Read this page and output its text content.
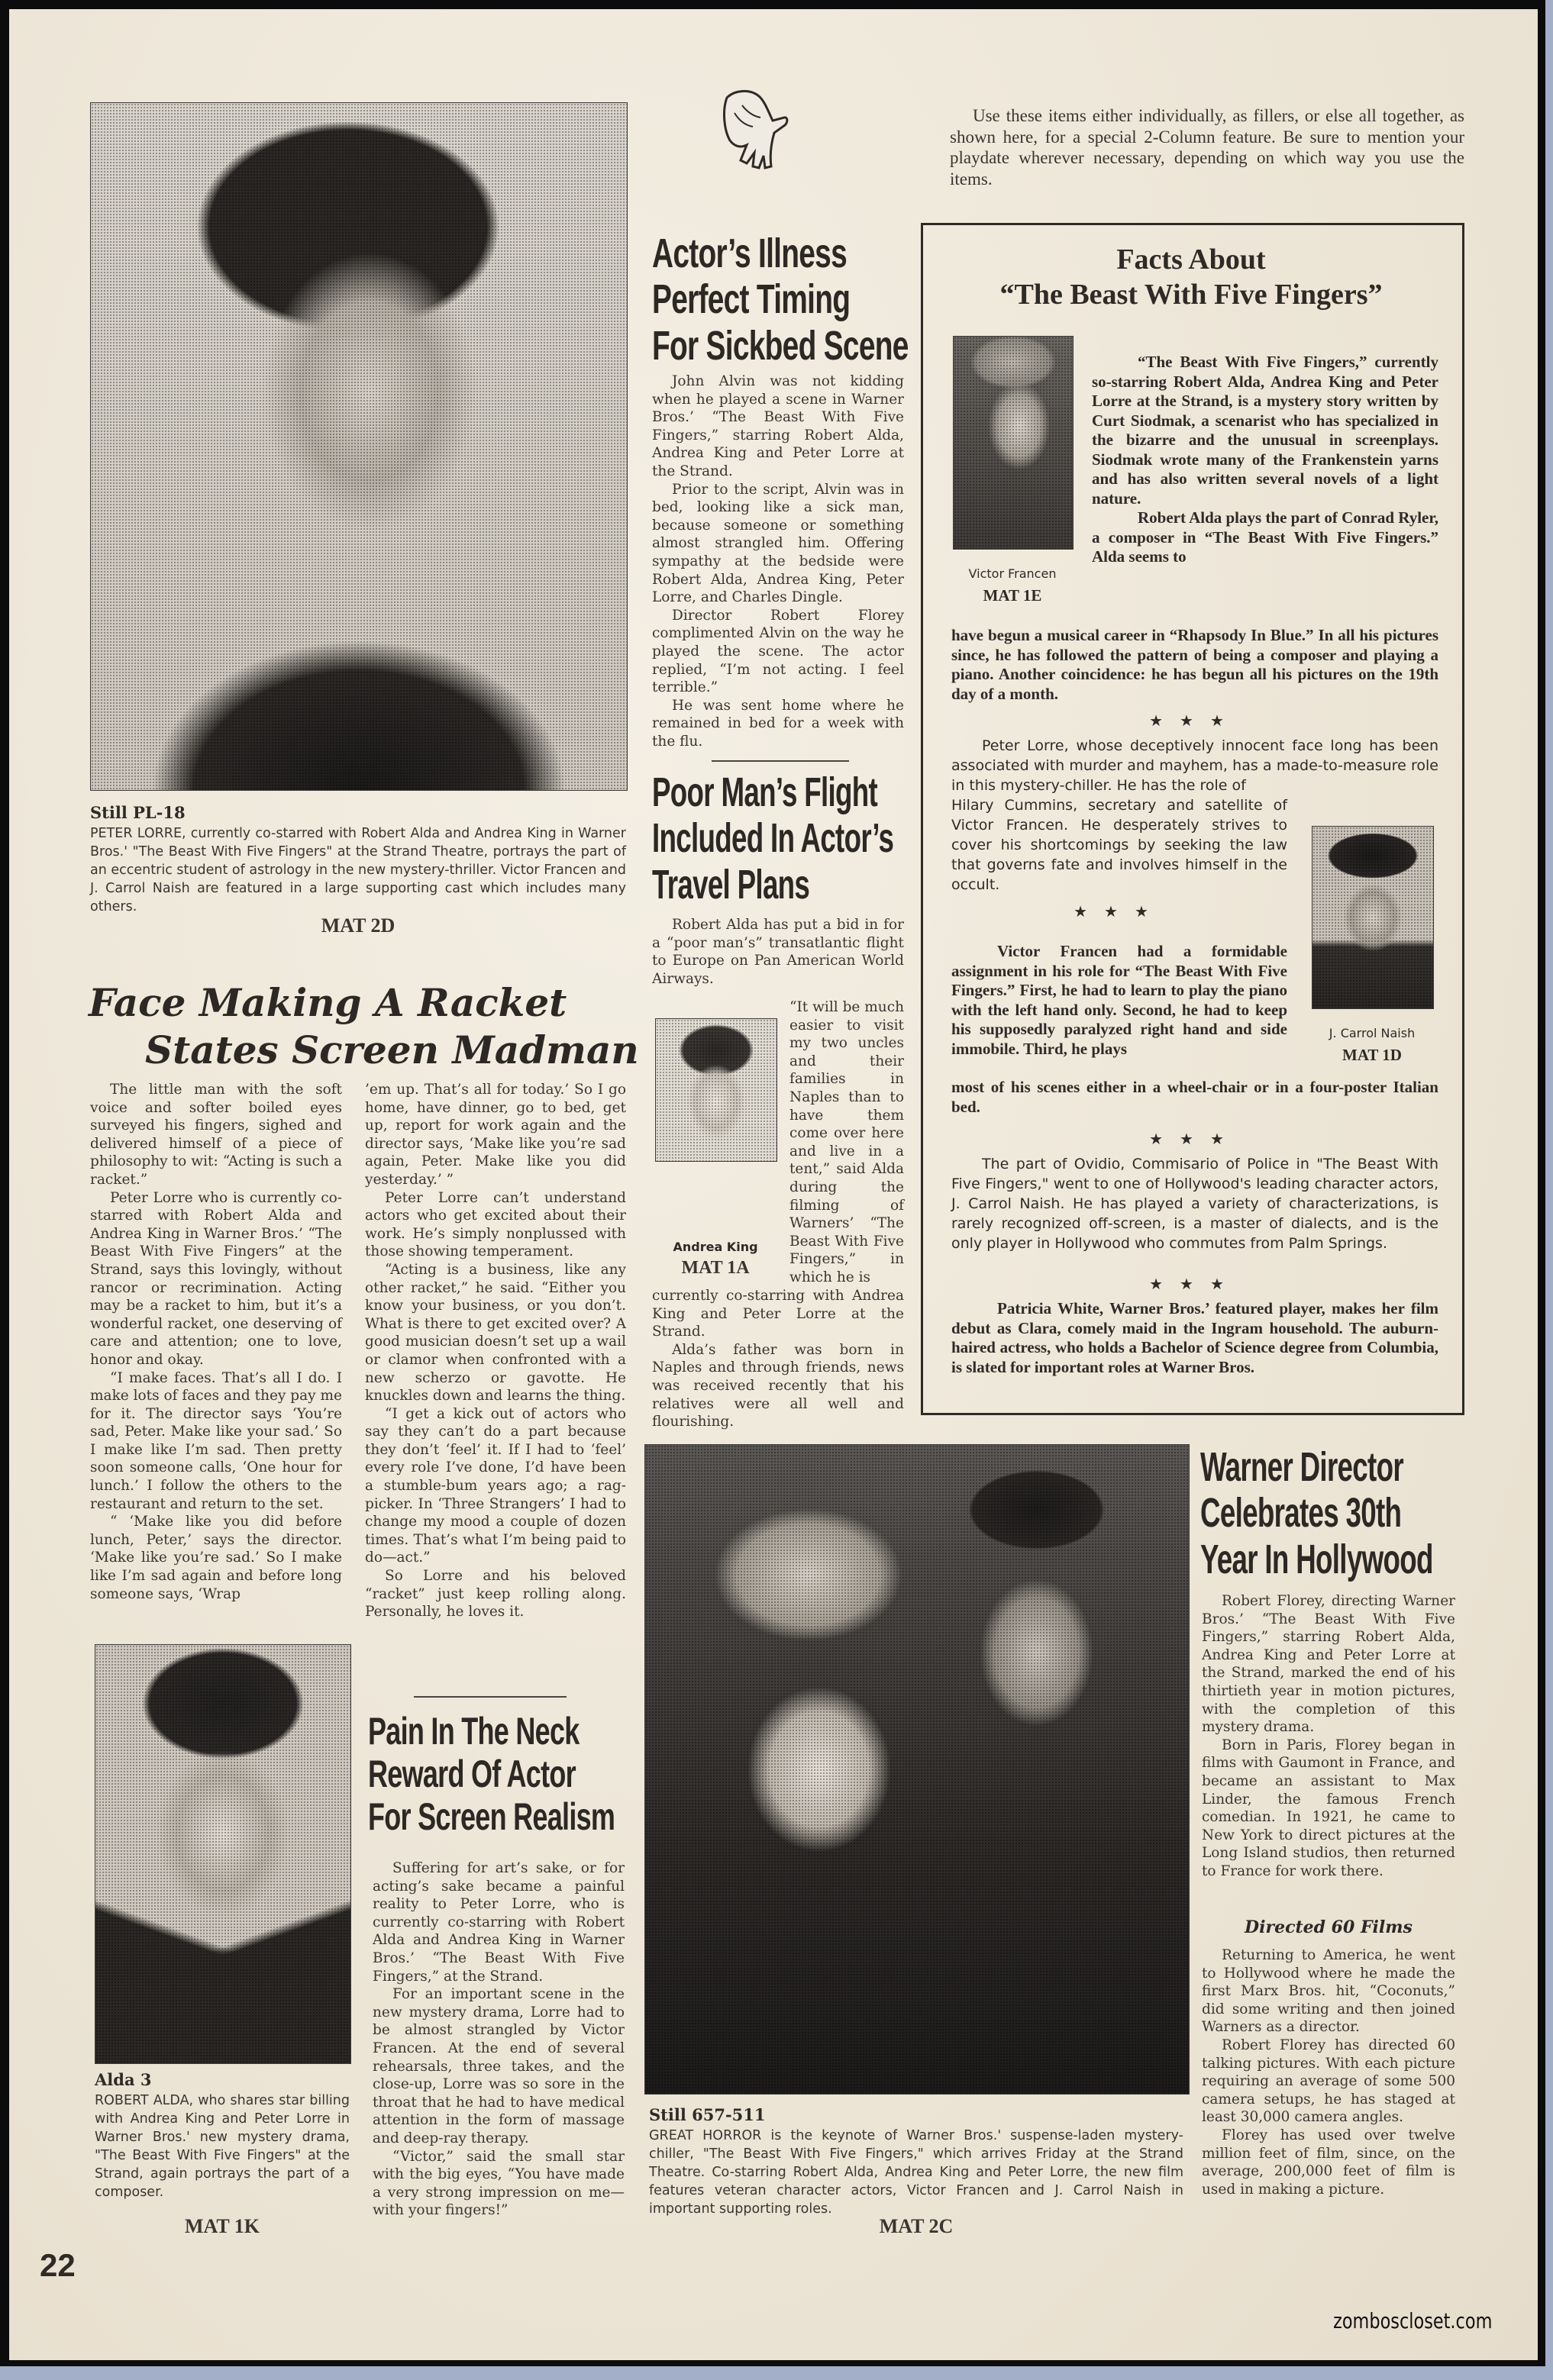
Still PL-18
PETER LORRE, currently co-starred with Robert Alda and Andrea King in Warner Bros.' "The Beast With Five Fingers" at the Strand Theatre, portrays the part of an eccentric student of astrology in the new mystery-thriller. Victor Francen and J. Carrol Naish are featured in a large supporting cast which includes many others.
MAT 2D
Face Making A Racket
States Screen Madman

The little man with the soft voice and softer boiled eyes surveyed his fingers, sighed and delivered himself of a piece of philosophy to wit: “Acting is such a racket.”

Peter Lorre who is currently co-starred with Robert Alda and Andrea King in Warner Bros.’ “The Beast With Five Fingers” at the Strand, says this lovingly, without rancor or recrimination. Acting may be a racket to him, but it’s a wonderful racket, one deserving of care and attention; one to love, honor and okay.

“I make faces. That’s all I do. I make lots of faces and they pay me for it. The director says ‘You’re sad, Peter. Make like your sad.’ So I make like I’m sad. Then pretty soon someone calls, ‘One hour for lunch.’ I follow the others to the restaurant and return to the set.

“ ‘Make like you did before lunch, Peter,’ says the director. ‘Make like you’re sad.’ So I make like I’m sad again and before long someone says, ‘Wrap

’em up. That’s all for today.’ So I go home, have dinner, go to bed, get up, report for work again and the director says, ‘Make like you’re sad again, Peter. Make like you did yesterday.’ ”

Peter Lorre can’t understand actors who get excited about their work. He’s simply nonplussed with those showing temperament.

“Acting is a business, like any other racket,” he said. “Either you know your business, or you don’t. What is there to get excited over? A good musician doesn’t set up a wail or clamor when confronted with a new scherzo or gavotte. He knuckles down and learns the thing.

“I get a kick out of actors who say they can’t do a part because they don’t ‘feel’ it. If I had to ‘feel’ every role I’ve done, I’d have been a stumble-bum years ago; a rag-picker. In ‘Three Strangers’ I had to change my mood a couple of dozen times. That’s what I’m being paid to do—act.”

So Lorre and his beloved “racket” just keep rolling along. Personally, he loves it.

Alda 3
ROBERT ALDA, who shares star billing with Andrea King and Peter Lorre in Warner Bros.' new mystery drama, "The Beast With Five Fingers" at the Strand, again portrays the part of a composer.
MAT 1K
Pain In The Neck
Reward Of Actor
For Screen Realism

Suffering for art’s sake, or for acting’s sake became a painful reality to Peter Lorre, who is currently co-starring with Robert Alda and Andrea King in Warner Bros.’ “The Beast With Five Fingers,” at the Strand.

For an important scene in the new mystery drama, Lorre had to be almost strangled by Victor Francen. At the end of several rehearsals, three takes, and the close-up, Lorre was so sore in the throat that he had to have medical attention in the form of massage and deep-ray therapy.

“Victor,” said the small star with the big eyes, “You have made a very strong impression on me—with your fingers!”

22
Actor’s Illness
Perfect Timing
For Sickbed Scene

John Alvin was not kidding when he played a scene in Warner Bros.’ “The Beast With Five Fingers,” starring Robert Alda, Andrea King and Peter Lorre at the Strand.

Prior to the script, Alvin was in bed, looking like a sick man, because someone or something almost strangled him. Offering sympathy at the bedside were Robert Alda, Andrea King, Peter Lorre, and Charles Dingle.

Director Robert Florey complimented Alvin on the way he played the scene. The actor replied, “I’m not acting. I feel terrible.”

He was sent home where he remained in bed for a week with the flu.

Poor Man’s Flight
Included In Actor’s
Travel Plans

Robert Alda has put a bid in for a “poor man’s” transatlantic flight to Europe on Pan American World Airways.

Andrea King
MAT 1A
“It will be much easier to visit my two uncles and their families in Naples than to have them come over here and live in a tent,” said Alda during the filming of Warners’ “The Beast With Five Fingers,” in which he is

currently co-starring with Andrea King and Peter Lorre at the Strand.

Alda’s father was born in Naples and through friends, news was received recently that his relatives were all well and flourishing.

Use these items either individually, as fillers, or else all together, as shown here, for a special 2-Column feature. Be sure to mention your playdate wherever necessary, depending on which way you use the items.
Facts About
“The Beast With Five Fingers”
Victor Francen
MAT 1E

“The Beast With Five Fingers,” currently so-starring Robert Alda, Andrea King and Peter Lorre at the Strand, is a mystery story written by Curt Siodmak, a scenarist who has specialized in the bizarre and the unusual in screenplays. Siodmak wrote many of the Frankenstein yarns and has also written several novels of a light nature.

Robert Alda plays the part of Conrad Ryler, a composer in “The Beast With Five Fingers.” Alda seems to

have begun a musical career in “Rhapsody In Blue.” In all his pictures since, he has followed the pattern of being a composer and playing a piano. Another coincidence: he has begun all his pictures on the 19th day of a month.

★★★

Peter Lorre, whose deceptively innocent face long has been associated with murder and mayhem, has a made-to-measure role in this mystery-chiller. He has the role of

Hilary Cummins, secretary and satellite of Victor Francen. He desperately strives to cover his shortcomings by seeking the law that governs fate and involves himself in the occult.

★★★
J. Carrol Naish
MAT 1D

Victor Francen had a formidable assignment in his role for “The Beast With Five Fingers.” First, he had to learn to play the piano with the left hand only. Second, he had to keep his supposedly paralyzed right hand and side immobile. Third, he plays

most of his scenes either in a wheel-chair or in a four-poster Italian bed.

★★★

The part of Ovidio, Commisario of Police in "The Beast With Five Fingers," went to one of Hollywood's leading character actors, J. Carrol Naish. He has played a variety of characterizations, is rarely recognized off-screen, is a master of dialects, and is the only player in Hollywood who commutes from Palm Springs.

★★★

Patricia White, Warner Bros.’ featured player, makes her film debut as Clara, comely maid in the Ingram household. The auburn-haired actress, who holds a Bachelor of Science degree from Columbia, is slated for important roles at Warner Bros.

Still 657-511
GREAT HORROR is the keynote of Warner Bros.' suspense-laden mystery-chiller, "The Beast With Five Fingers," which arrives Friday at the Strand Theatre. Co-starring Robert Alda, Andrea King and Peter Lorre, the new film features veteran character actors, Victor Francen and J. Carrol Naish in important supporting roles.
MAT 2C
Warner Director
Celebrates 30th
Year In Hollywood

Robert Florey, directing Warner Bros.’ “The Beast With Five Fingers,” starring Robert Alda, Andrea King and Peter Lorre at the Strand, marked the end of his thirtieth year in motion pictures, with the completion of this mystery drama.

Born in Paris, Florey began in films with Gaumont in France, and became an assistant to Max Linder, the famous French comedian. In 1921, he came to New York to direct pictures at the Long Island studios, then returned to France for work there.

Directed 60 Films

Returning to America, he went to Hollywood where he made the first Marx Bros. hit, “Coconuts,” did some writing and then joined Warners as a director.

Robert Florey has directed 60 talking pictures. With each picture requiring an average of some 500 camera setups, he has staged at least 30,000 camera angles.

Florey has used over twelve million feet of film, since, on the average, 200,000 feet of film is used in making a picture.

zomboscloset.com
